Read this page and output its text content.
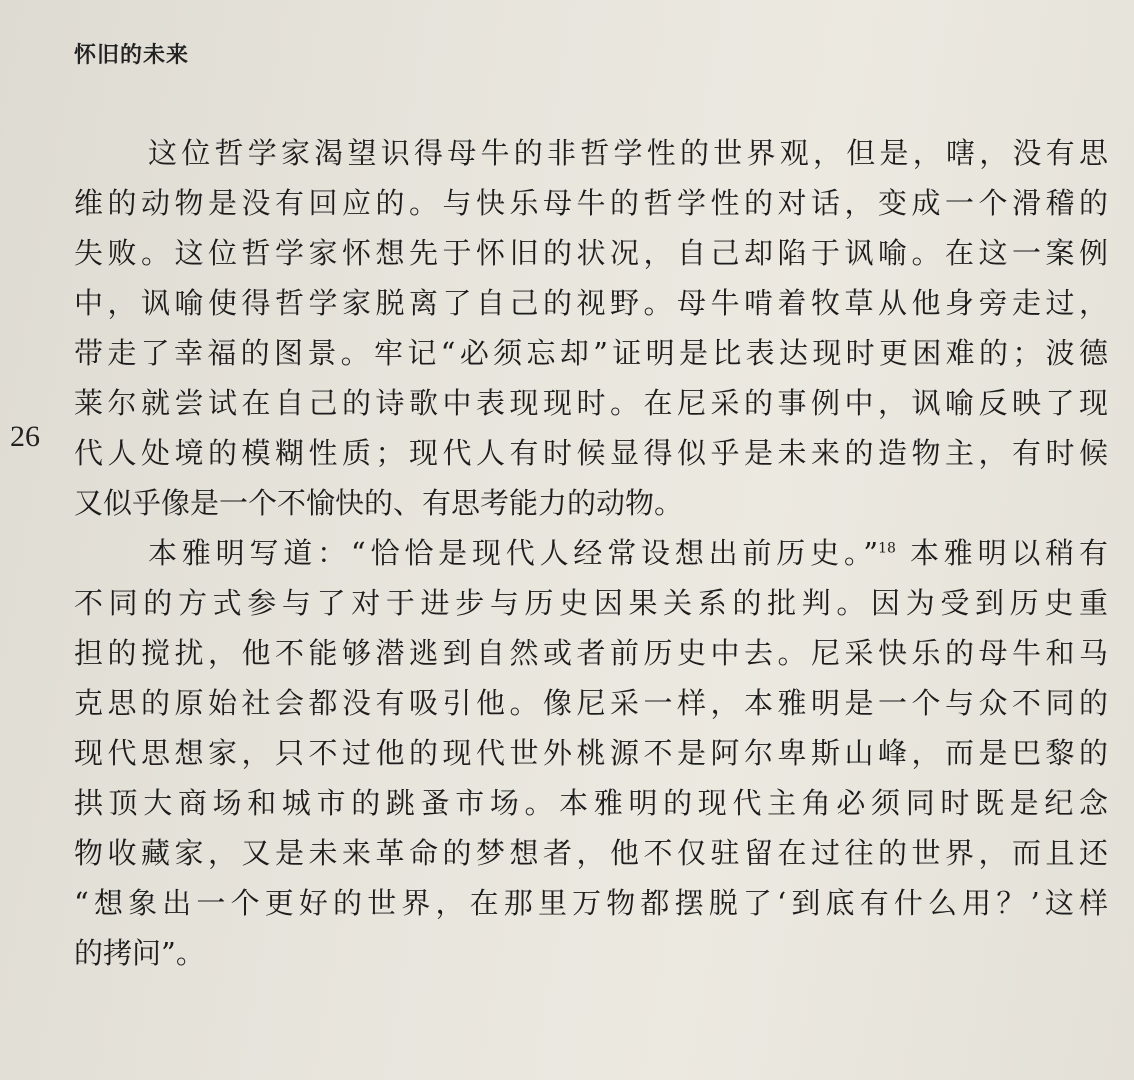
怀旧的未来
26
这位哲学家渴望识得母牛的非哲学性的世界观，但是，嗐，没有思
维的动物是没有回应的。与快乐母牛的哲学性的对话，变成一个滑稽的
失败。这位哲学家怀想先于怀旧的状况，自己却陷于讽喻。在这一案例
中，讽喻使得哲学家脱离了自己的视野。母牛啃着牧草从他身旁走过，
带走了幸福的图景。牢记“必须忘却”证明是比表达现时更困难的；波德
莱尔就尝试在自己的诗歌中表现现时。在尼采的事例中，讽喻反映了现
代人处境的模糊性质；现代人有时候显得似乎是未来的造物主，有时候
又似乎像是一个不愉快的、有思考能力的动物。
本雅明写道：“恰恰是现代人经常设想出前历史。”$^{18}$ 本雅明以稍有
不同的方式参与了对于进步与历史因果关系的批判。因为受到历史重
担的搅扰，他不能够潜逃到自然或者前历史中去。尼采快乐的母牛和马
克思的原始社会都没有吸引他。像尼采一样，本雅明是一个与众不同的
现代思想家，只不过他的现代世外桃源不是阿尔卑斯山峰，而是巴黎的
拱顶大商场和城市的跳蚤市场。本雅明的现代主角必须同时既是纪念
物收藏家，又是未来革命的梦想者，他不仅驻留在过往的世界，而且还
“想象出一个更好的世界，在那里万物都摆脱了‘到底有什么用？’这样
的拷问”。
